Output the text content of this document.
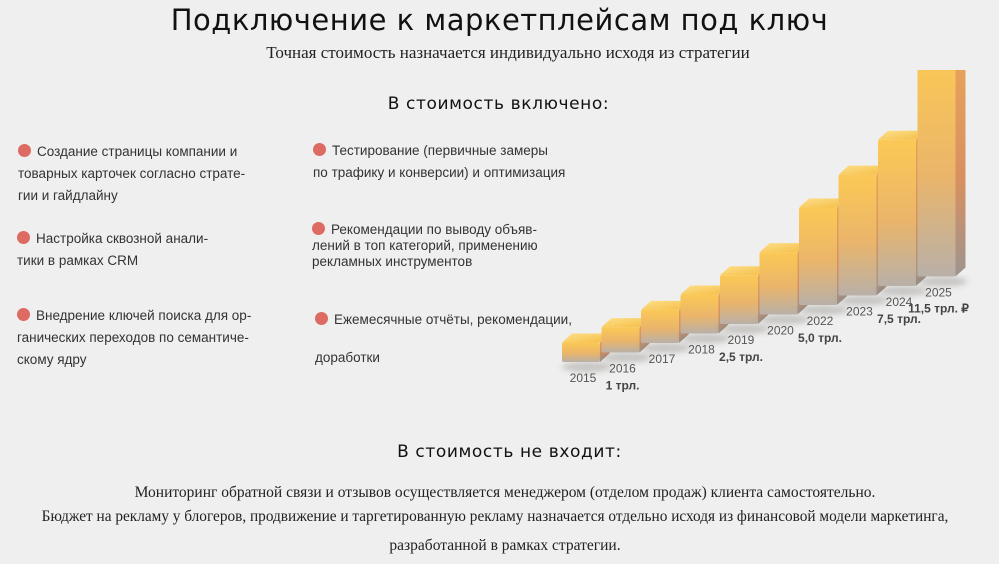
Подключение к маркетплейсам под ключ
Точная стоимость назначается индивидуально исходя из стратегии
В стоимость включено:
Создание страницы компании и
товарных карточек согласно страте-
гии и гайдлайну
Настройка сквозной анали-
тики в рамках CRM
Внедрение ключей поиска для ор-
ганических переходов по семантиче-
скому ядру
Тестирование (первичные замеры
по трафику и конверсии) и оптимизация
Рекомендации по выводу объяв-
лений в топ категорий, применению
рекламных инструментов
Ежемесячные отчёты, рекомендации,

доработки
2015
2016
2017
2018
2019
2020
2022
2023
2024
2025
1 трл.
2,5 трл.
5,0 трл.
7,5 трл.
11,5 трл. ₽
В стоимость не входит:
Мониторинг обратной связи и отзывов осуществляется менеджером (отделом продаж) клиента самостоятельно.
Бюджет на рекламу у блогеров, продвижение и таргетированную рекламу назначается отдельно исходя из финансовой модели маркетинга,
разработанной в рамках стратегии.
